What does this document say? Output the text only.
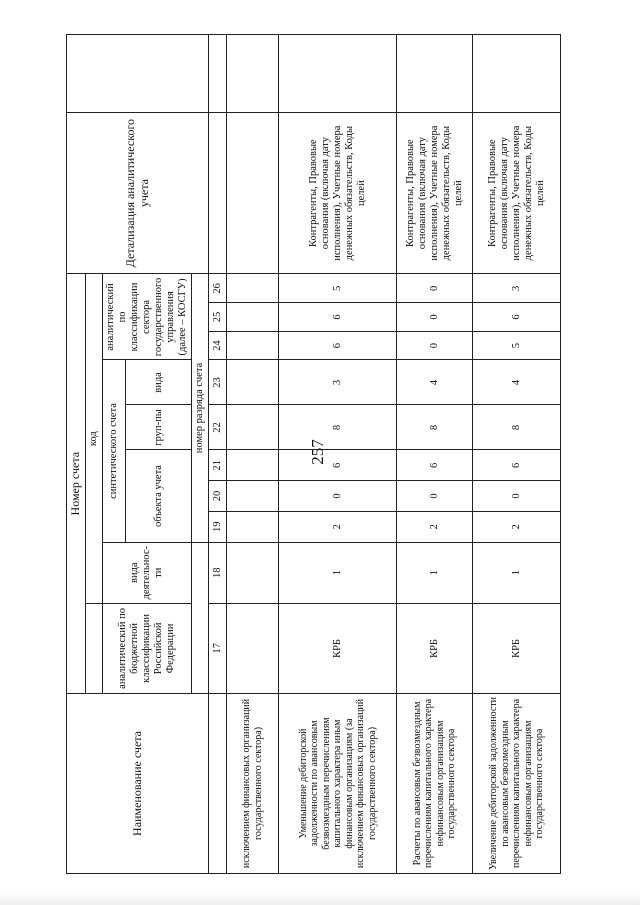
257
Наименование счета	Номер счета										Детализация аналитического учета	
		код										
	аналитический по бюджетной классификации Российской Федерации	вида деятельнос-ти	синтетического счета					аналитический по классификации сектора государственного управления (далее – КОСГУ)				
			объекта учета			груп-пы	вида					
			номер разряда счета									
	17	18	19	20	21	22	23	24	25	26		
исключением финансовых организаций государственного сектора)												
Уменьшение дебиторской задолженности по авансовым безвозмездным перечислениям капитального характера иным финансовым организациям (за исключением финансовых организаций государственного сектора)	КРБ	1	2	0	6	8	3	6	6	5	Контрагенты, Правовые основания (включая дату исполнения), Учетные номера денежных обязательств, Коды целей	
Расчеты по авансовым безвозмездным перечислениям капитального характера нефинансовым организациям государственного сектора	КРБ	1	2	0	6	8	4	0	0	0	Контрагенты, Правовые основания (включая дату исполнения), Учетные номера денежных обязательств, Коды целей	
Увеличение дебиторской задолженности по авансовым безвозмездным перечислениям капитального характера нефинансовым организациям государственного сектора	КРБ	1	2	0	6	8	4	5	6	3	Контрагенты, Правовые основания (включая дату исполнения), Учетные номера денежных обязательств, Коды целей	
